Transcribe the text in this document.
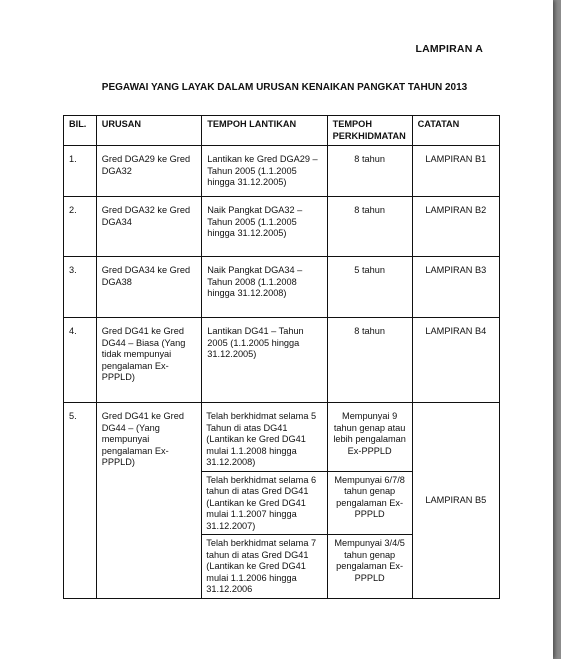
LAMPIRAN A
PEGAWAI YANG LAYAK DALAM URUSAN KENAIKAN PANGKAT TAHUN 2013
BIL.	URUSAN	TEMPOH LANTIKAN	TEMPOH PERKHIDMATAN	CATATAN
1.	Gred DGA29 ke Gred DGA32	Lantikan ke Gred DGA29 – Tahun 2005 (1.1.2005 hingga 31.12.2005)	8 tahun	LAMPIRAN B1
2.	Gred DGA32 ke Gred DGA34	Naik Pangkat DGA32 – Tahun 2005 (1.1.2005 hingga 31.12.2005)	8 tahun	LAMPIRAN B2
3.	Gred DGA34 ke Gred DGA38	Naik Pangkat DGA34 – Tahun 2008 (1.1.2008 hingga 31.12.2008)	5 tahun	LAMPIRAN B3
4.	Gred DG41 ke Gred DG44 – Biasa (Yang tidak mempunyai pengalaman Ex-PPPLD)	Lantikan DG41 – Tahun 2005 (1.1.2005 hingga 31.12.2005)	8 tahun	LAMPIRAN B4
5.	Gred DG41 ke Gred DG44 – (Yang mempunyai pengalaman Ex-PPPLD)	Telah berkhidmat selama 5 Tahun di atas DG41 (Lantikan ke Gred DG41 mulai 1.1.2008 hingga 31.12.2008)	Mempunyai 9 tahun genap atau lebih pengalaman Ex-PPPLD	LAMPIRAN B5
		Telah berkhidmat selama 6 tahun di atas Gred DG41 (Lantikan ke Gred DG41 mulai 1.1.2007 hingga 31.12.2007)	Mempunyai 6/7/8 tahun genap pengalaman Ex-PPPLD	
		Telah berkhidmat selama 7 tahun di atas Gred DG41 (Lantikan ke Gred DG41 mulai 1.1.2006 hingga 31.12.2006	Mempunyai 3/4/5 tahun genap pengalaman Ex-PPPLD	
